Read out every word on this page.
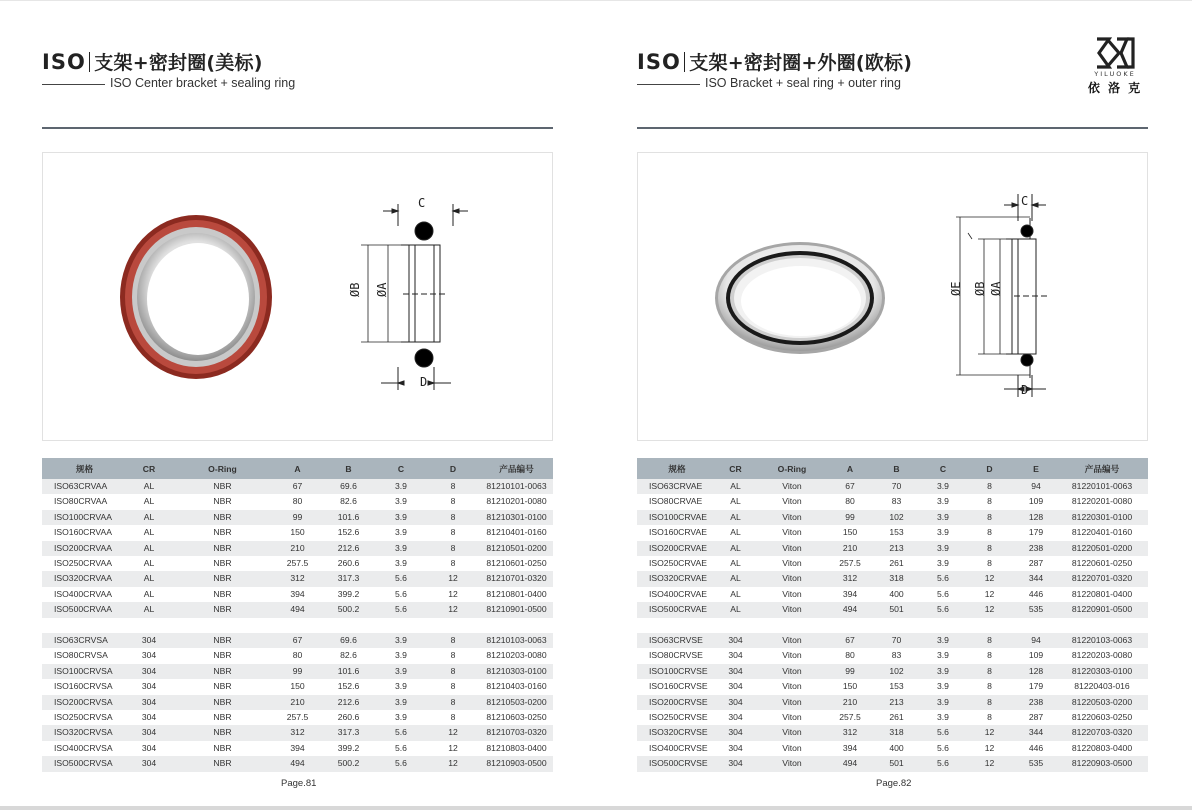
ISO 支架+密封圈(美标)
ISO Center bracket + sealing ring
C
ØB ØA
D
规格	CR	O-Ring	A	B	C	D	产品编号
ISO63CRVAA	AL	NBR	67	69.6	3.9	8	81210101-0063
ISO80CRVAA	AL	NBR	80	82.6	3.9	8	81210201-0080
ISO100CRVAA	AL	NBR	99	101.6	3.9	8	81210301-0100
ISO160CRVAA	AL	NBR	150	152.6	3.9	8	81210401-0160
ISO200CRVAA	AL	NBR	210	212.6	3.9	8	81210501-0200
ISO250CRVAA	AL	NBR	257.5	260.6	3.9	8	81210601-0250
ISO320CRVAA	AL	NBR	312	317.3	5.6	12	81210701-0320
ISO400CRVAA	AL	NBR	394	399.2	5.6	12	81210801-0400
ISO500CRVAA	AL	NBR	494	500.2	5.6	12	81210901-0500

ISO63CRVSA	304	NBR	67	69.6	3.9	8	81210103-0063
ISO80CRVSA	304	NBR	80	82.6	3.9	8	81210203-0080
ISO100CRVSA	304	NBR	99	101.6	3.9	8	81210303-0100
ISO160CRVSA	304	NBR	150	152.6	3.9	8	81210403-0160
ISO200CRVSA	304	NBR	210	212.6	3.9	8	81210503-0200
ISO250CRVSA	304	NBR	257.5	260.6	3.9	8	81210603-0250
ISO320CRVSA	304	NBR	312	317.3	5.6	12	81210703-0320
ISO400CRVSA	304	NBR	394	399.2	5.6	12	81210803-0400
ISO500CRVSA	304	NBR	494	500.2	5.6	12	81210903-0500
Page.81
ISO 支架+密封圈+外圈(欧标)
ISO Bracket + seal ring + outer ring
C
ØE ØB ØA
D
规格	CR	O-Ring	A	B	C	D	E	产品编号
ISO63CRVAE	AL	Viton	67	70	3.9	8	94	81220101-0063
ISO80CRVAE	AL	Viton	80	83	3.9	8	109	81220201-0080
ISO100CRVAE	AL	Viton	99	102	3.9	8	128	81220301-0100
ISO160CRVAE	AL	Viton	150	153	3.9	8	179	81220401-0160
ISO200CRVAE	AL	Viton	210	213	3.9	8	238	81220501-0200
ISO250CRVAE	AL	Viton	257.5	261	3.9	8	287	81220601-0250
ISO320CRVAE	AL	Viton	312	318	5.6	12	344	81220701-0320
ISO400CRVAE	AL	Viton	394	400	5.6	12	446	81220801-0400
ISO500CRVAE	AL	Viton	494	501	5.6	12	535	81220901-0500

ISO63CRVSE	304	Viton	67	70	3.9	8	94	81220103-0063
ISO80CRVSE	304	Viton	80	83	3.9	8	109	81220203-0080
ISO100CRVSE	304	Viton	99	102	3.9	8	128	81220303-0100
ISO160CRVSE	304	Viton	150	153	3.9	8	179	81220403-016
ISO200CRVSE	304	Viton	210	213	3.9	8	238	81220503-0200
ISO250CRVSE	304	Viton	257.5	261	3.9	8	287	81220603-0250
ISO320CRVSE	304	Viton	312	318	5.6	12	344	81220703-0320
ISO400CRVSE	304	Viton	394	400	5.6	12	446	81220803-0400
ISO500CRVSE	304	Viton	494	501	5.6	12	535	81220903-0500
Page.82
YILUOKE
依 洛 克
